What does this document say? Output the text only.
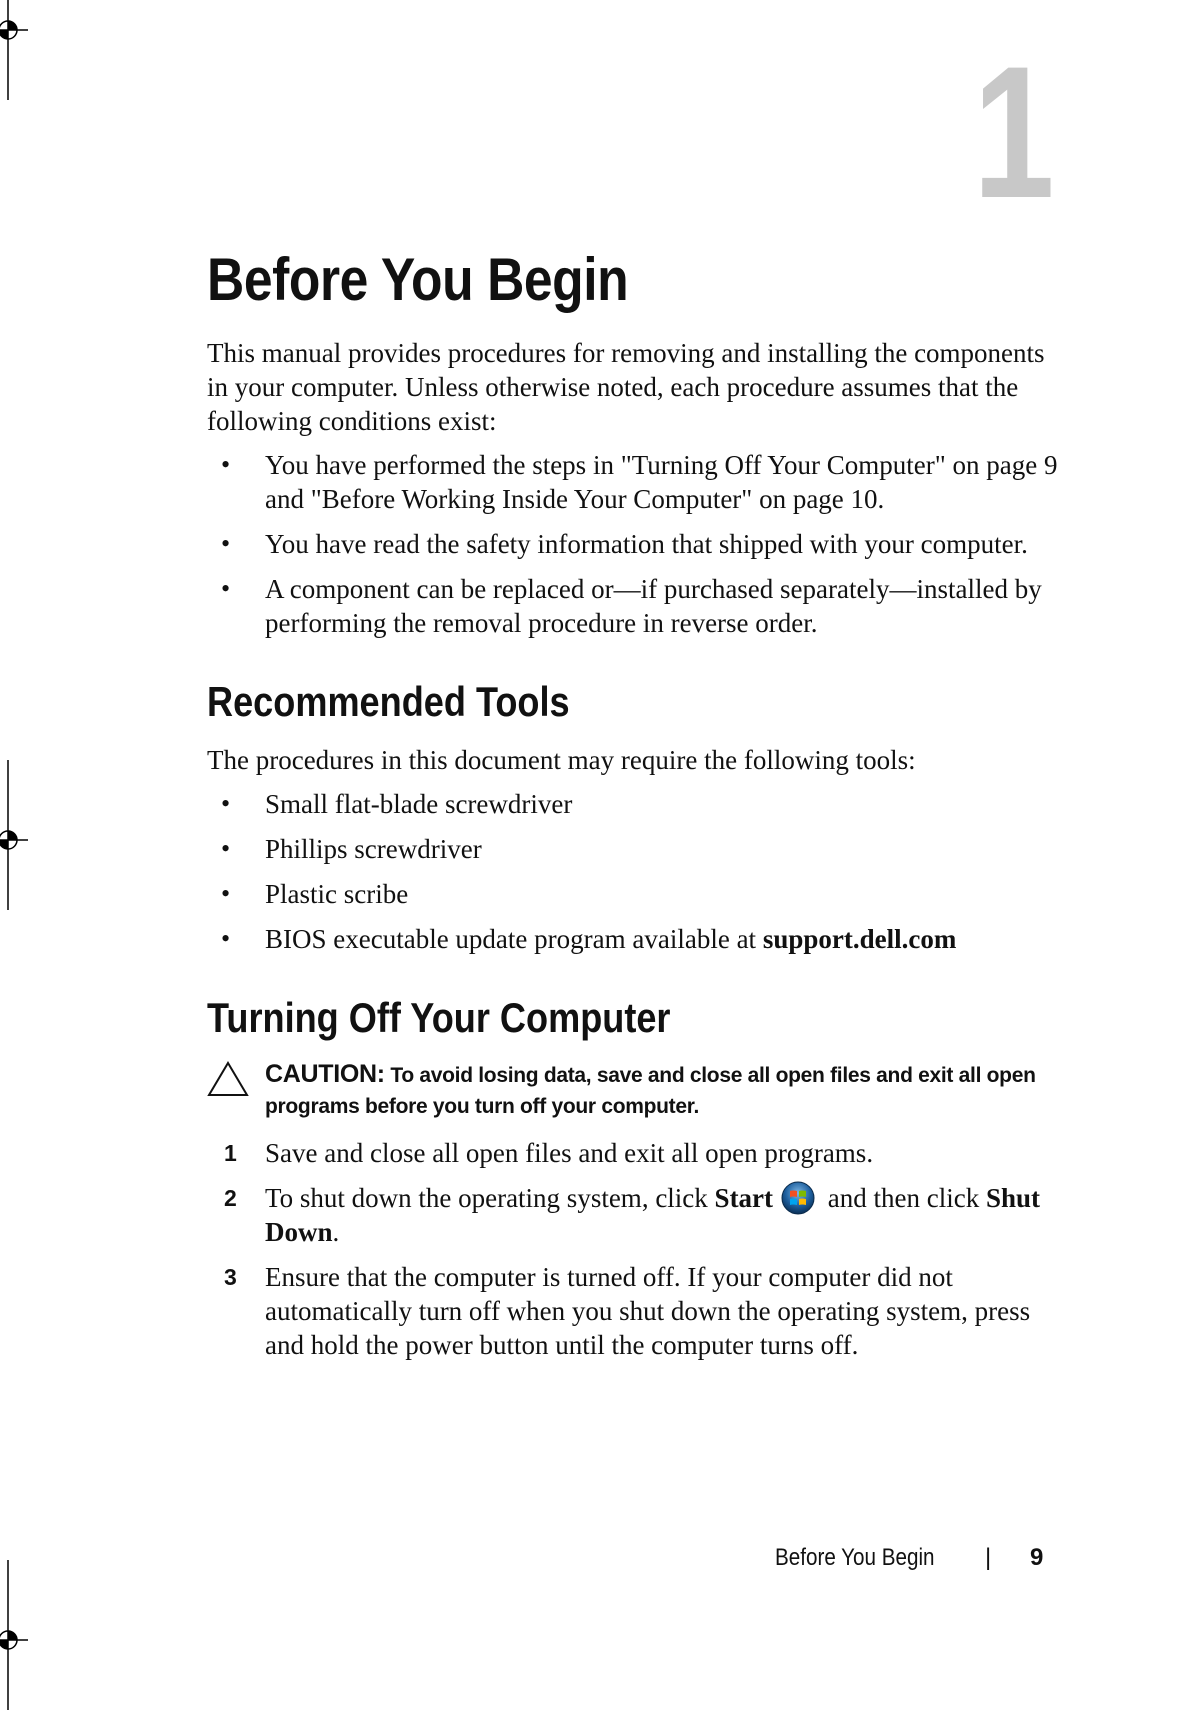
1
Before You Begin

This manual provides procedures for removing and installing the components in your computer. Unless otherwise noted, each procedure assumes that the following conditions exist:

• You have performed the steps in "Turning Off Your Computer" on page 9 and "Before Working Inside Your Computer" on page 10.
• You have read the safety information that shipped with your computer.
• A component can be replaced or—if purchased separately—installed by performing the removal procedure in reverse order.
Recommended Tools

The procedures in this document may require the following tools:

• Small flat-blade screwdriver
• Phillips screwdriver
• Plastic scribe
• BIOS executable update program available at support.dell.com
Turning Off Your Computer
CAUTION: To avoid losing data, save and close all open files and exit all open programs before you turn off your computer.
1 Save and close all open files and exit all open programs.
2 To shut down the operating system, click Start and then click Shut Down.
3 Ensure that the computer is turned off. If your computer did not automatically turn off when you shut down the operating system, press and hold the power button until the computer turns off.
Before You Begin | 9
